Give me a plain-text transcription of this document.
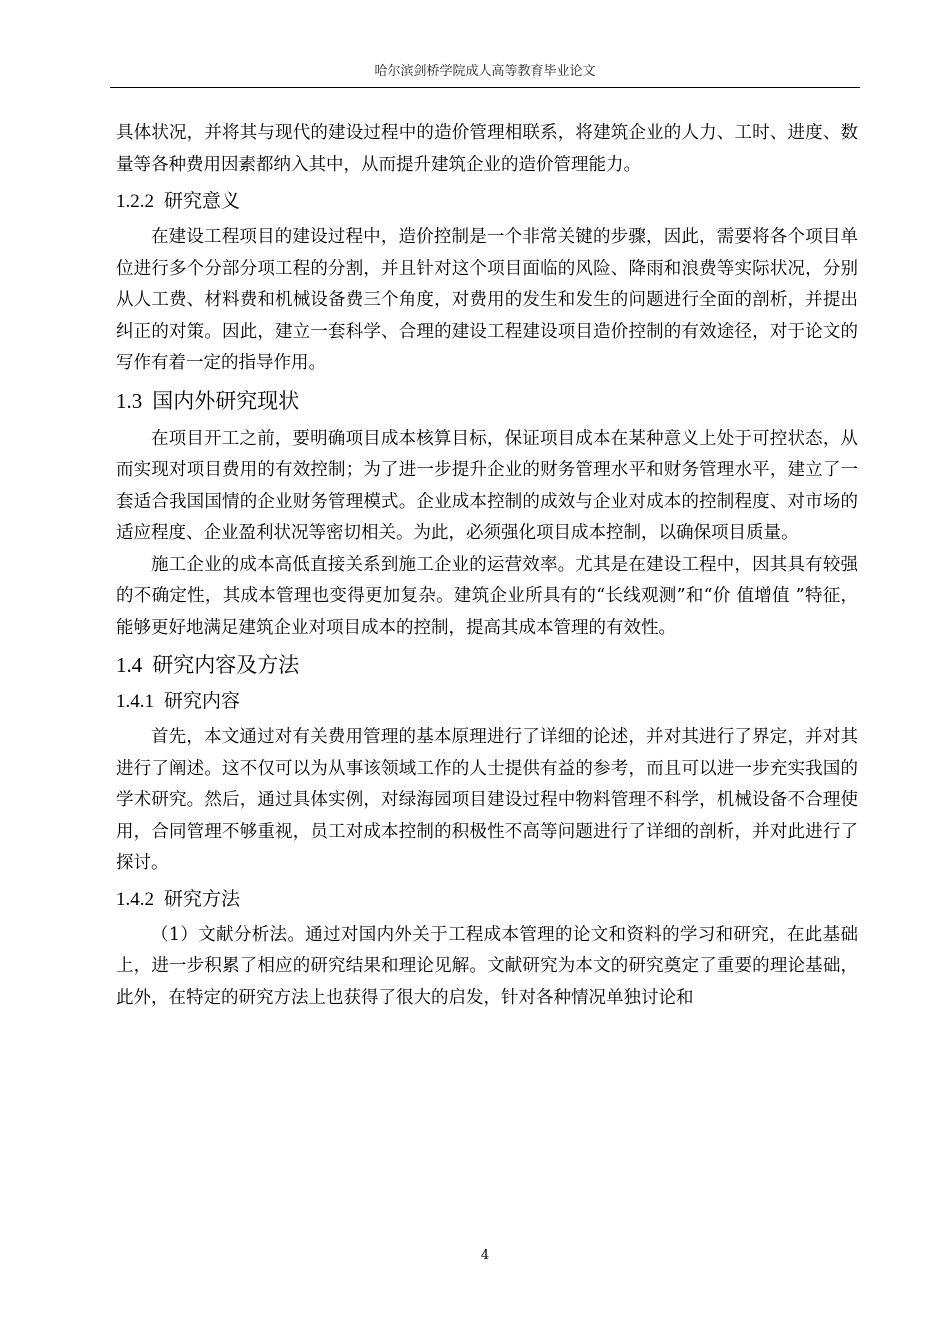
哈尔滨剑桥学院成人高等教育毕业论文

具体状况，并将其与现代的建设过程中的造价管理相联系，将建筑企业的人力、工时、进度、数量等各种费用因素都纳入其中，从而提升建筑企业的造价管理能力。

1.2.2 研究意义

在建设工程项目的建设过程中，造价控制是一个非常关键的步骤，因此，需要将各个项目单位进行多个分部分项工程的分割，并且针对这个项目面临的风险、降雨和浪费等实际状况，分别从人工费、材料费和机械设备费三个角度，对费用的发生和发生的问题进行全面的剖析，并提出纠正的对策。因此，建立一套科学、合理的建设工程建设项目造价控制的有效途径，对于论文的写作有着一定的指导作用。

1.3 国内外研究现状

在项目开工之前，要明确项目成本核算目标，保证项目成本在某种意义上处于可控状态，从而实现对项目费用的有效控制；为了进一步提升企业的财务管理水平和财务管理水平，建立了一套适合我国国情的企业财务管理模式。企业成本控制的成效与企业对成本的控制程度、对市场的适应程度、企业盈利状况等密切相关。为此，必须强化项目成本控制，以确保项目质量。

施工企业的成本高低直接关系到施工企业的运营效率。尤其是在建设工程中，因其具有较强的不确定性，其成本管理也变得更加复杂。建筑企业所具有的“长线观测”和“价 值增值 ”特征，能够更好地满足建筑企业对项目成本的控制，提高其成本管理的有效性。

1.4 研究内容及方法
1.4.1 研究内容

首先，本文通过对有关费用管理的基本原理进行了详细的论述，并对其进行了界定，并对其进行了阐述。这不仅可以为从事该领域工作的人士提供有益的参考，而且可以进一步充实我国的学术研究。然后，通过具体实例，对绿海园项目建设过程中物料管理不科学，机械设备不合理使用，合同管理不够重视，员工对成本控制的积极性不高等问题进行了详细的剖析，并对此进行了探讨。

1.4.2 研究方法

（1）文献分析法。通过对国内外关于工程成本管理的论文和资料的学习和研究，在此基础上，进一步积累了相应的研究结果和理论见解。文献研究为本文的研究奠定了重要的理论基础，此外，在特定的研究方法上也获得了很大的启发，针对各种情况单独讨论和

4
